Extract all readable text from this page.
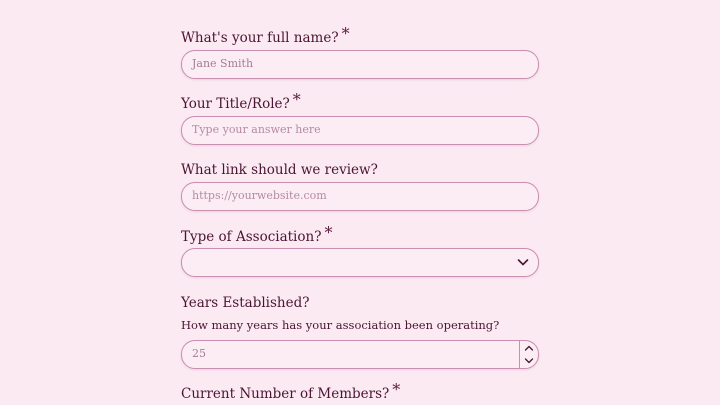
What's your full name? *
Jane Smith
Your Title/Role? *
Type your answer here
What link should we review?
https://yourwebsite.com
Type of Association? *
Years Established?
How many years has your association been operating?
25
Current Number of Members? *
